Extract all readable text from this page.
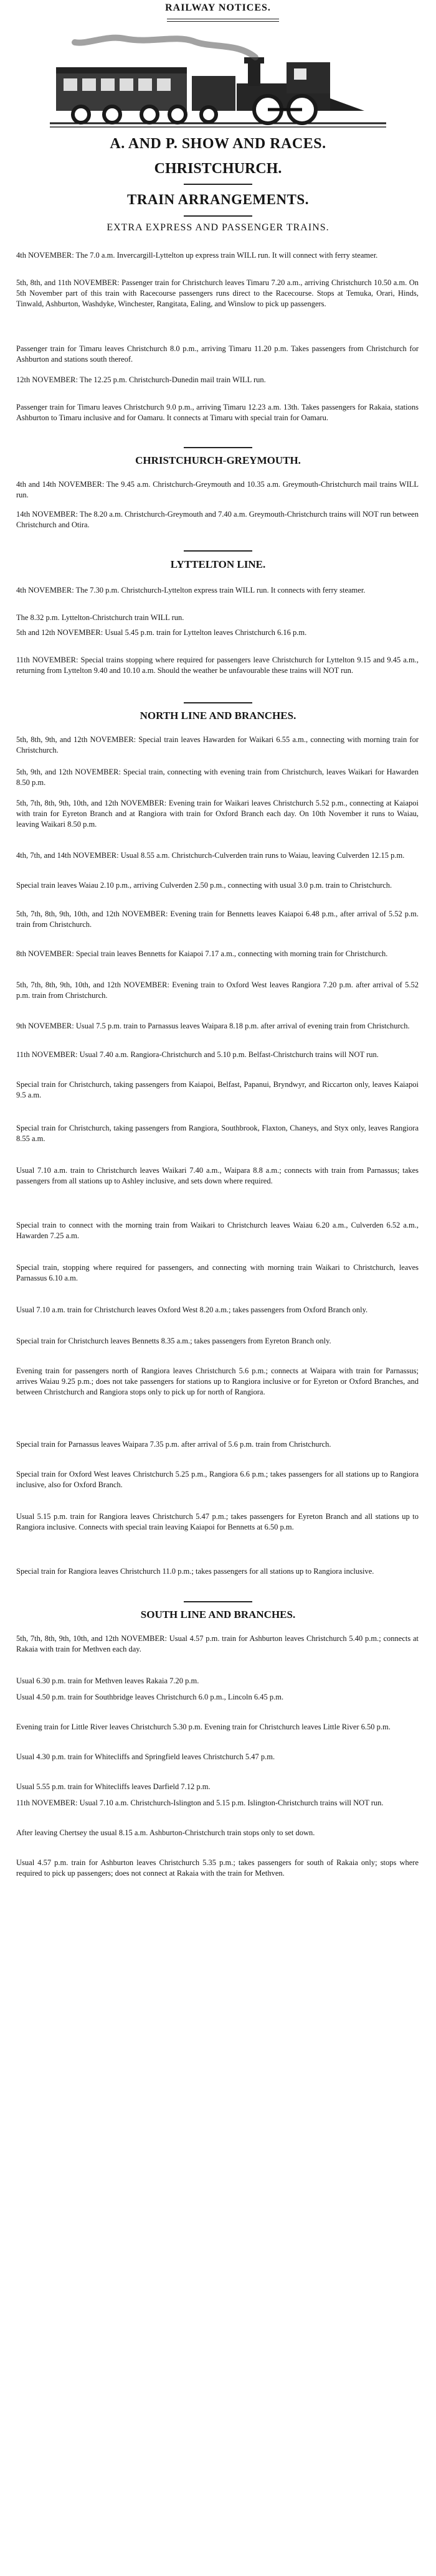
RAILWAY NOTICES.
A. AND P. SHOW AND RACES.
CHRISTCHURCH.
TRAIN ARRANGEMENTS.
EXTRA EXPRESS AND PASSENGER TRAINS.
4th NOVEMBER: The 7.0 a.m. Invercargill-Lyttelton up express train WILL run. It will connect with ferry steamer.
5th, 8th, and 11th NOVEMBER: Passenger train for Christchurch leaves Timaru 7.20 a.m., arriving Christchurch 10.50 a.m. On 5th November part of this train with Racecourse passengers runs direct to the Racecourse. Stops at Temuka, Orari, Hinds, Tinwald, Ashburton, Washdyke, Winchester, Rangitata, Ealing, and Winslow to pick up passengers.
Passenger train for Timaru leaves Christchurch 8.0 p.m., arriving Timaru 11.20 p.m. Takes passengers from Christchurch for Ashburton and stations south thereof.
12th NOVEMBER: The 12.25 p.m. Christchurch-Dunedin mail train WILL run.
Passenger train for Timaru leaves Christchurch 9.0 p.m., arriving Timaru 12.23 a.m. 13th. Takes passengers for Rakaia, stations Ashburton to Timaru inclusive and for Oamaru. It connects at Timaru with special train for Oamaru.
CHRISTCHURCH-GREYMOUTH.
4th and 14th NOVEMBER: The 9.45 a.m. Christchurch-Greymouth and 10.35 a.m. Greymouth-Christchurch mail trains WILL run.
14th NOVEMBER: The 8.20 a.m. Christchurch-Greymouth and 7.40 a.m. Greymouth-Christchurch trains will NOT run between Christchurch and Otira.
LYTTELTON LINE.
4th NOVEMBER: The 7.30 p.m. Christchurch-Lyttelton express train WILL run. It connects with ferry steamer.
The 8.32 p.m. Lyttelton-Christchurch train WILL run.
5th and 12th NOVEMBER: Usual 5.45 p.m. train for Lyttelton leaves Christchurch 6.16 p.m.
11th NOVEMBER: Special trains stopping where required for passengers leave Christchurch for Lyttelton 9.15 and 9.45 a.m., returning from Lyttelton 9.40 and 10.10 a.m. Should the weather be unfavourable these trains will NOT run.
NORTH LINE AND BRANCHES.
5th, 8th, 9th, and 12th NOVEMBER: Special train leaves Hawarden for Waikari 6.55 a.m., connecting with morning train for Christchurch.
5th, 9th, and 12th NOVEMBER: Special train, connecting with evening train from Christchurch, leaves Waikari for Hawarden 8.50 p.m.
5th, 7th, 8th, 9th, 10th, and 12th NOVEMBER: Evening train for Waikari leaves Christchurch 5.52 p.m., connecting at Kaiapoi with train for Eyreton Branch and at Rangiora with train for Oxford Branch each day. On 10th November it runs to Waiau, leaving Waikari 8.50 p.m.
4th, 7th, and 14th NOVEMBER: Usual 8.55 a.m. Christchurch-Culverden train runs to Waiau, leaving Culverden 12.15 p.m.
Special train leaves Waiau 2.10 p.m., arriving Culverden 2.50 p.m., connecting with usual 3.0 p.m. train to Christchurch.
5th, 7th, 8th, 9th, 10th, and 12th NOVEMBER: Evening train for Bennetts leaves Kaiapoi 6.48 p.m., after arrival of 5.52 p.m. train from Christchurch.
8th NOVEMBER: Special train leaves Bennetts for Kaiapoi 7.17 a.m., connecting with morning train for Christchurch.
5th, 7th, 8th, 9th, 10th, and 12th NOVEMBER: Evening train to Oxford West leaves Rangiora 7.20 p.m. after arrival of 5.52 p.m. train from Christchurch.
9th NOVEMBER: Usual 7.5 p.m. train to Parnassus leaves Waipara 8.18 p.m. after arrival of evening train from Christchurch.
11th NOVEMBER: Usual 7.40 a.m. Rangiora-Christchurch and 5.10 p.m. Belfast-Christchurch trains will NOT run.
Special train for Christchurch, taking passengers from Kaiapoi, Belfast, Papanui, Bryndwyr, and Riccarton only, leaves Kaiapoi 9.5 a.m.
Special train for Christchurch, taking passengers from Rangiora, Southbrook, Flaxton, Chaneys, and Styx only, leaves Rangiora 8.55 a.m.
Usual 7.10 a.m. train to Christchurch leaves Waikari 7.40 a.m., Waipara 8.8 a.m.; connects with train from Parnassus; takes passengers from all stations up to Ashley inclusive, and sets down where required.
Special train to connect with the morning train from Waikari to Christchurch leaves Waiau 6.20 a.m., Culverden 6.52 a.m., Hawarden 7.25 a.m.
Special train, stopping where required for passengers, and connecting with morning train Waikari to Christchurch, leaves Parnassus 6.10 a.m.
Usual 7.10 a.m. train for Christchurch leaves Oxford West 8.20 a.m.; takes passengers from Oxford Branch only.
Special train for Christchurch leaves Bennetts 8.35 a.m.; takes passengers from Eyreton Branch only.
Evening train for passengers north of Rangiora leaves Christchurch 5.6 p.m.; connects at Waipara with train for Parnassus; arrives Waiau 9.25 p.m.; does not take passengers for stations up to Rangiora inclusive or for Eyreton or Oxford Branches, and between Christchurch and Rangiora stops only to pick up for north of Rangiora.
Special train for Parnassus leaves Waipara 7.35 p.m. after arrival of 5.6 p.m. train from Christchurch.
Special train for Oxford West leaves Christchurch 5.25 p.m., Rangiora 6.6 p.m.; takes passengers for all stations up to Rangiora inclusive, also for Oxford Branch.
Usual 5.15 p.m. train for Rangiora leaves Christchurch 5.47 p.m.; takes passengers for Eyreton Branch and all stations up to Rangiora inclusive. Connects with special train leaving Kaiapoi for Bennetts at 6.50 p.m.
Special train for Rangiora leaves Christchurch 11.0 p.m.; takes passengers for all stations up to Rangiora inclusive.
SOUTH LINE AND BRANCHES.
5th, 7th, 8th, 9th, 10th, and 12th NOVEMBER: Usual 4.57 p.m. train for Ashburton leaves Christchurch 5.40 p.m.; connects at Rakaia with train for Methven each day.
Usual 6.30 p.m. train for Methven leaves Rakaia 7.20 p.m.
Usual 4.50 p.m. train for Southbridge leaves Christchurch 6.0 p.m., Lincoln 6.45 p.m.
Evening train for Little River leaves Christchurch 5.30 p.m. Evening train for Christchurch leaves Little River 6.50 p.m.
Usual 4.30 p.m. train for Whitecliffs and Springfield leaves Christchurch 5.47 p.m.
Usual 5.55 p.m. train for Whitecliffs leaves Darfield 7.12 p.m.
11th NOVEMBER: Usual 7.10 a.m. Christchurch-Islington and 5.15 p.m. Islington-Christchurch trains will NOT run.
After leaving Chertsey the usual 8.15 a.m. Ashburton-Christchurch train stops only to set down.
Usual 4.57 p.m. train for Ashburton leaves Christchurch 5.35 p.m.; takes passengers for south of Rakaia only; stops where required to pick up passengers; does not connect at Rakaia with the train for Methven.
